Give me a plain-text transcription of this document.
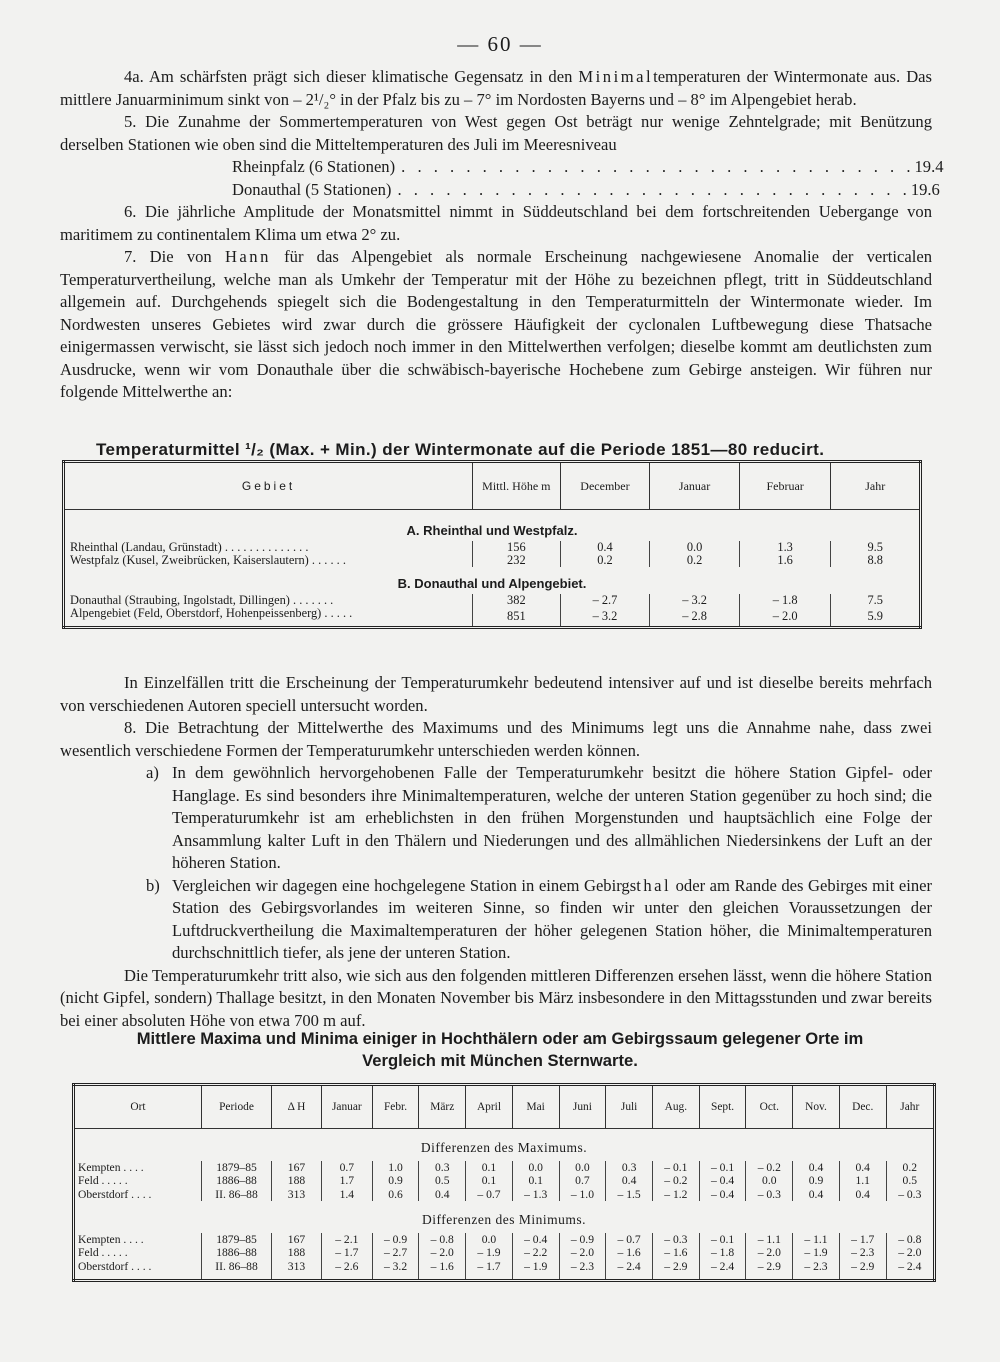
— 60 —

4a. Am schärfsten prägt sich dieser klimatische Gegensatz in den Minimaltemperaturen der Wintermonate aus. Das mittlere Januarminimum sinkt von – 2¹/₂° in der Pfalz bis zu – 7° im Nordosten Bayerns und – 8° im Alpengebiet herab.

5. Die Zunahme der Sommertemperaturen von West gegen Ost beträgt nur wenige Zehntelgrade; mit Benützung derselben Stationen wie oben sind die Mitteltemperaturen des Juli im Meeresniveau

Rheinpfalz (6 Stationen) . . . . . . . . . . . . . . . . . . . . . . . . . . . . . . . . 19.4
Donauthal (5 Stationen) . . . . . . . . . . . . . . . . . . . . . . . . . . . . . . . . 19.6

6. Die jährliche Amplitude der Monatsmittel nimmt in Süddeutschland bei dem fortschreitenden Uebergange von maritimem zu continentalem Klima um etwa 2° zu.

7. Die von Hann für das Alpengebiet als normale Erscheinung nachgewiesene Anomalie der verticalen Temperaturvertheilung, welche man als Umkehr der Temperatur mit der Höhe zu bezeichnen pflegt, tritt in Süddeutschland allgemein auf. Durchgehends spiegelt sich die Bodengestaltung in den Temperaturmitteln der Wintermonate wieder. Im Nordwesten unseres Gebietes wird zwar durch die grössere Häufigkeit der cyclonalen Luftbewegung diese Thatsache einigermassen verwischt, sie lässt sich jedoch noch immer in den Mittelwerthen verfolgen; dieselbe kommt am deutlichsten zum Ausdrucke, wenn wir vom Donauthale über die schwäbisch-bayerische Hochebene zum Gebirge ansteigen. Wir führen nur folgende Mittelwerthe an:

Temperaturmittel ¹/₂ (Max. + Min.) der Wintermonate auf die Periode 1851—80 reducirt.
Gebiet	Mittl. Höhe m	December	Januar	Februar	Jahr
A. Rheinthal und Westpfalz.					
Rheinthal (Landau, Grünstadt) . . . . . . . . . . . . . .	156	0.4	0.0	1.3	9.5
Westpfalz (Kusel, Zweibrücken, Kaiserslautern) . . . . . .	232	0.2	0.2	1.6	8.8
B. Donauthal und Alpengebiet.					
Donauthal (Straubing, Ingolstadt, Dillingen) . . . . . . .	382	– 2.7	– 3.2	– 1.8	7.5
Alpengebiet (Feld, Oberstdorf, Hohenpeissenberg) . . . . .	851	– 3.2	– 2.8	– 2.0	5.9

In Einzelfällen tritt die Erscheinung der Temperaturumkehr bedeutend intensiver auf und ist dieselbe bereits mehrfach von verschiedenen Autoren speciell untersucht worden.

8. Die Betrachtung der Mittelwerthe des Maximums und des Minimums legt uns die Annahme nahe, dass zwei wesentlich verschiedene Formen der Temperaturumkehr unterschieden werden können.

a) In dem gewöhnlich hervorgehobenen Falle der Temperaturumkehr besitzt die höhere Station Gipfel- oder Hanglage. Es sind besonders ihre Minimaltemperaturen, welche der unteren Station gegenüber zu hoch sind; die Temperaturumkehr ist am erheblichsten in den frühen Morgenstunden und hauptsächlich eine Folge der Ansammlung kalter Luft in den Thälern und Niederungen und des allmählichen Niedersinkens der Luft an der höheren Station.
b) Vergleichen wir dagegen eine hochgelegene Station in einem Gebirgsthal oder am Rande des Gebirges mit einer Station des Gebirgsvorlandes im weiteren Sinne, so finden wir unter den gleichen Voraussetzungen der Luftdruckvertheilung die Maximaltemperaturen der höher gelegenen Station höher, die Minimaltemperaturen durchschnittlich tiefer, als jene der unteren Station.

Die Temperaturumkehr tritt also, wie sich aus den folgenden mittleren Differenzen ersehen lässt, wenn die höhere Station (nicht Gipfel, sondern) Thallage besitzt, in den Monaten November bis März insbesondere in den Mittagsstunden und zwar bereits bei einer absoluten Höhe von etwa 700 m auf.

Mittlere Maxima und Minima einiger in Hochthälern oder am Gebirgssaum gelegener Orte im
Vergleich mit München Sternwarte.
Ort	Periode	Δ H	Januar	Febr.	März	April	Mai	Juni	Juli	Aug.	Sept.	Oct.	Nov.	Dec.	Jahr
Differenzen des Maximums.															
Kempten . . . .	1879–85	167	0.7	1.0	0.3	0.1	0.0	0.0	0.3	– 0.1	– 0.1	– 0.2	0.4	0.4	0.2
Feld . . . . .	1886–88	188	1.7	0.9	0.5	0.1	0.1	0.7	0.4	– 0.2	– 0.4	0.0	0.9	1.1	0.5
Oberstdorf . . . .	II. 86–88	313	1.4	0.6	0.4	– 0.7	– 1.3	– 1.0	– 1.5	– 1.2	– 0.4	– 0.3	0.4	0.4	– 0.3
Differenzen des Minimums.															
Kempten . . . .	1879–85	167	– 2.1	– 0.9	– 0.8	0.0	– 0.4	– 0.9	– 0.7	– 0.3	– 0.1	– 1.1	– 1.1	– 1.7	– 0.8
Feld . . . . .	1886–88	188	– 1.7	– 2.7	– 2.0	– 1.9	– 2.2	– 2.0	– 1.6	– 1.6	– 1.8	– 2.0	– 1.9	– 2.3	– 2.0
Oberstdorf . . . .	II. 86–88	313	– 2.6	– 3.2	– 1.6	– 1.7	– 1.9	– 2.3	– 2.4	– 2.9	– 2.4	– 2.9	– 2.3	– 2.9	– 2.4
